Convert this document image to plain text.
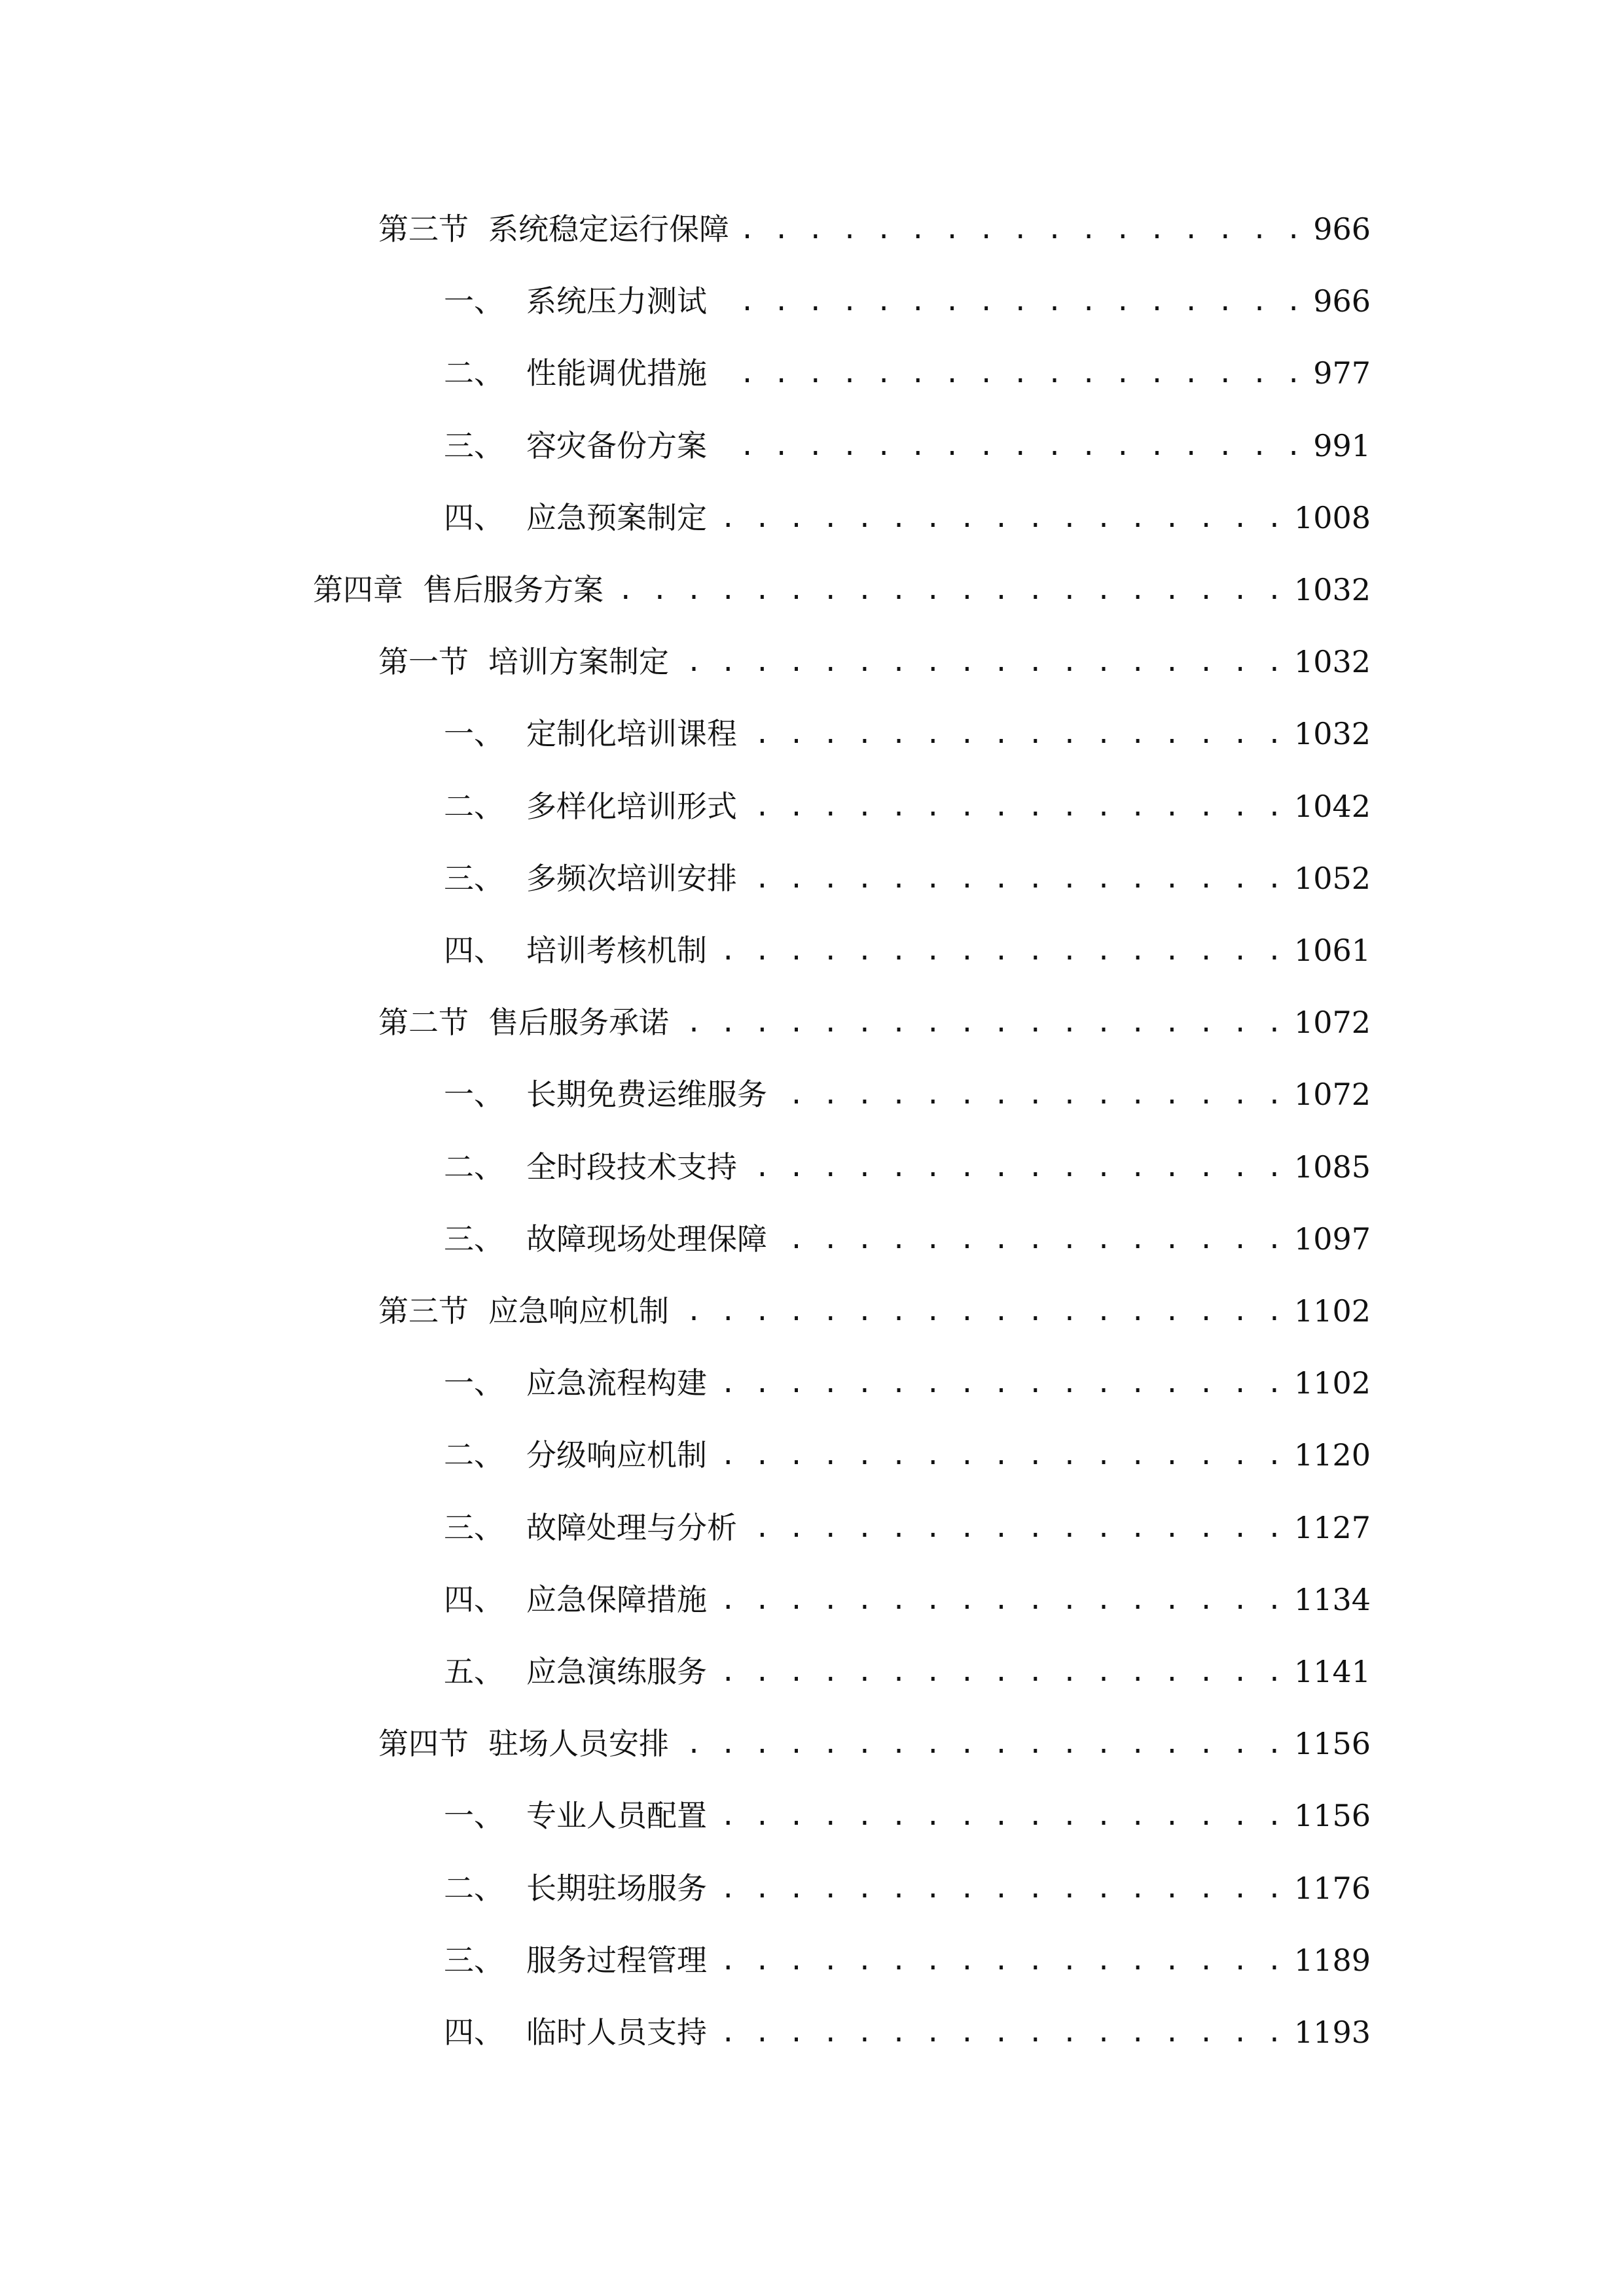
第三节 系统稳定运行保障 . . .	966
一、 系统压力测试 . . .	966
二、 性能调优措施 . . .	977
三、 容灾备份方案 . . .	991
四、 应急预案制定 . . .	1008
第四章 售后服务方案 . . .	1032
第一节 培训方案制定 . . .	1032
一、 定制化培训课程 . . .	1032
二、 多样化培训形式 . . .	1042
三、 多频次培训安排 . . .	1052
四、 培训考核机制 . . .	1061
第二节 售后服务承诺 . . .	1072
一、 长期免费运维服务 . . .	1072
二、 全时段技术支持 . . .	1085
三、 故障现场处理保障 . . .	1097
第三节 应急响应机制 . . .	1102
一、 应急流程构建 . . .	1102
二、 分级响应机制 . . .	1120
三、 故障处理与分析 . . .	1127
四、 应急保障措施 . . .	1134
五、 应急演练服务 . . .	1141
第四节 驻场人员安排 . . .	1156
一、 专业人员配置 . . .	1156
二、 长期驻场服务 . . .	1176
三、 服务过程管理 . . .	1189
四、 临时人员支持 . . .	1193
